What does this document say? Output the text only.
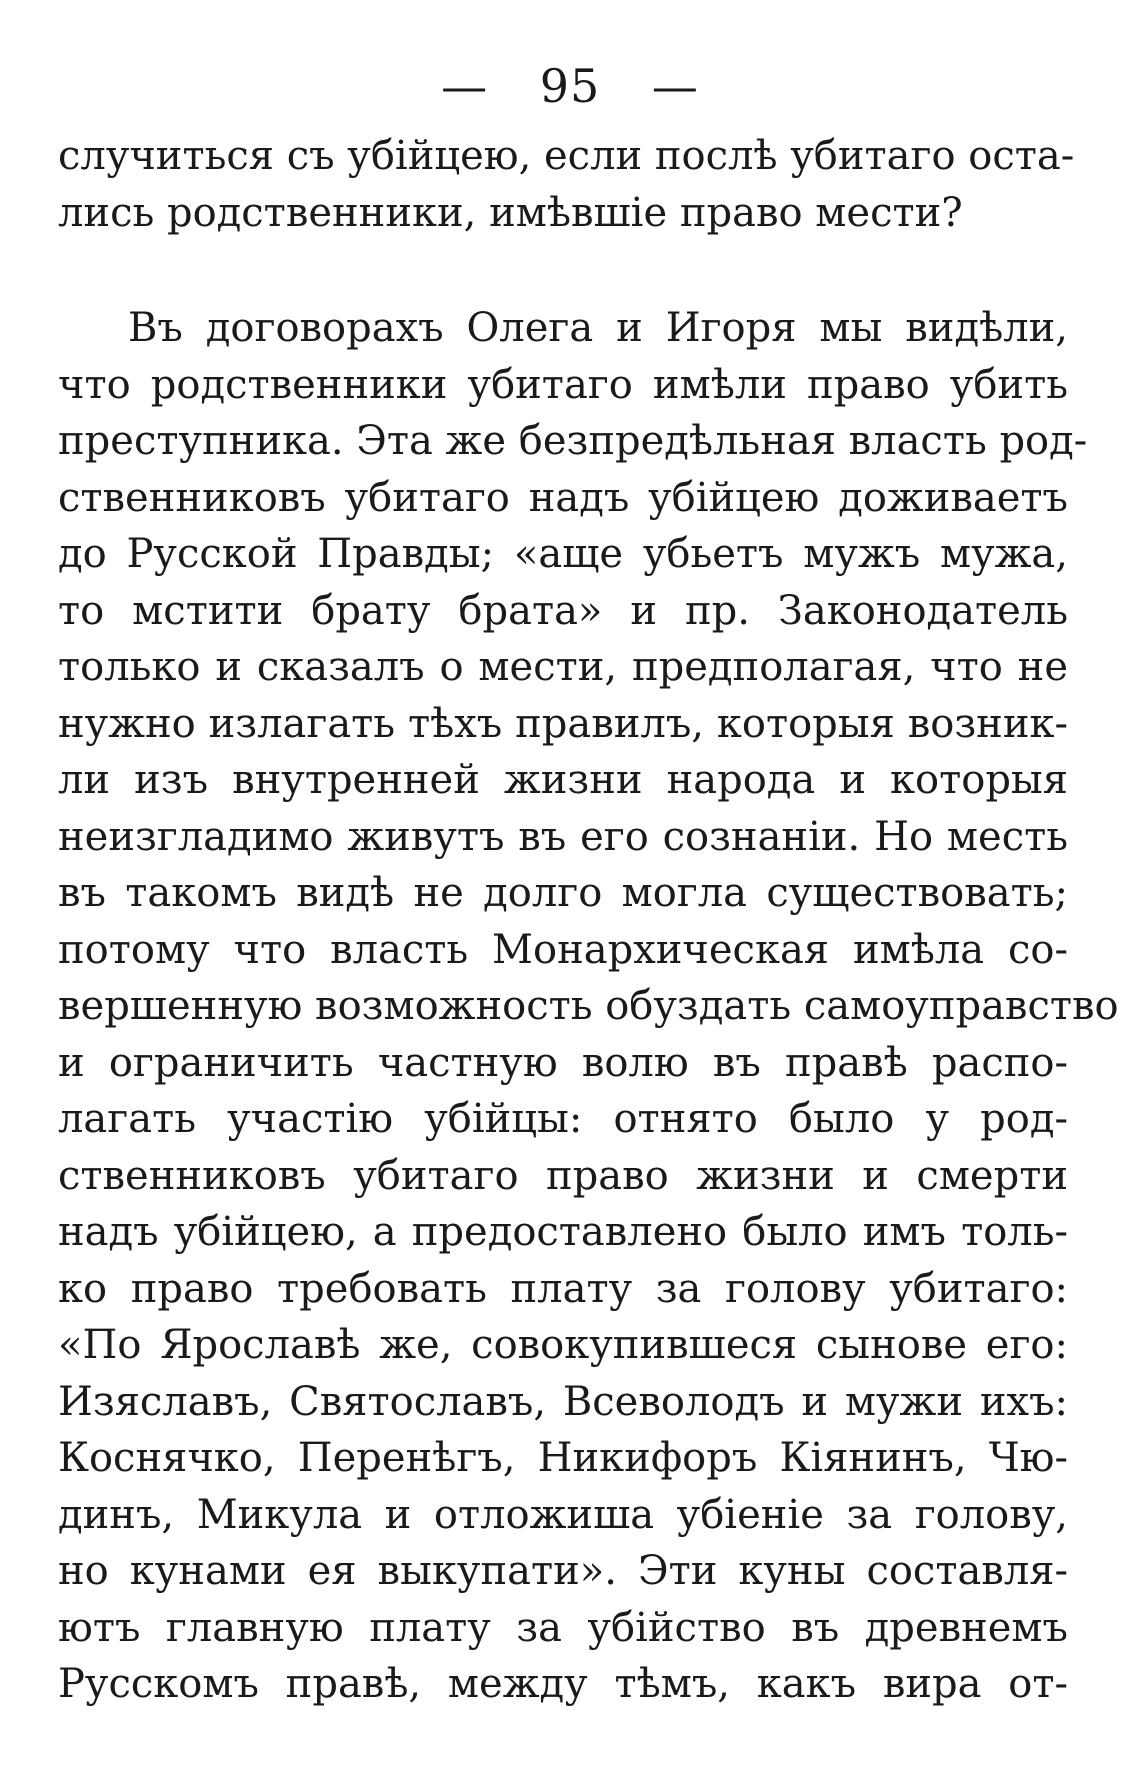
— 95 —
случиться съ убійцею, если послѣ убитаго оста-
лись родственники, имѣвшіе право мести?
Въ договорахъ Олега и Игоря мы видѣли,
что родственники убитаго имѣли право убить
преступника. Эта же безпредѣльная власть род-
ственниковъ убитаго надъ убійцею доживаетъ
до Русской Правды; «аще убьетъ мужъ мужа,
то мстити брату брата» и пр. Законодатель
только и сказалъ о мести, предполагая, что не
нужно излагать тѣхъ правилъ, которыя возник-
ли изъ внутренней жизни народа и которыя
неизгладимо живутъ въ его сознаніи. Но месть
въ такомъ видѣ не долго могла существовать;
потому что власть Монархическая имѣла со-
вершенную возможность обуздать самоуправство
и ограничить частную волю въ правѣ распо-
лагать участію убійцы: отнято было у род-
ственниковъ убитаго право жизни и смерти
надъ убійцею, а предоставлено было имъ толь-
ко право требовать плату за голову убитаго:
«По Ярославѣ же, совокупившеся сынове его:
Изяславъ, Святославъ, Всеволодъ и мужи ихъ:
Коснячко, Перенѣгъ, Никифоръ Кіянинъ, Чю-
динъ, Микула и отложиша убіеніе за голову,
но кунами ея выкупати». Эти куны составля-
ютъ главную плату за убійство въ древнемъ
Русскомъ правѣ, между тѣмъ, какъ вира от-
